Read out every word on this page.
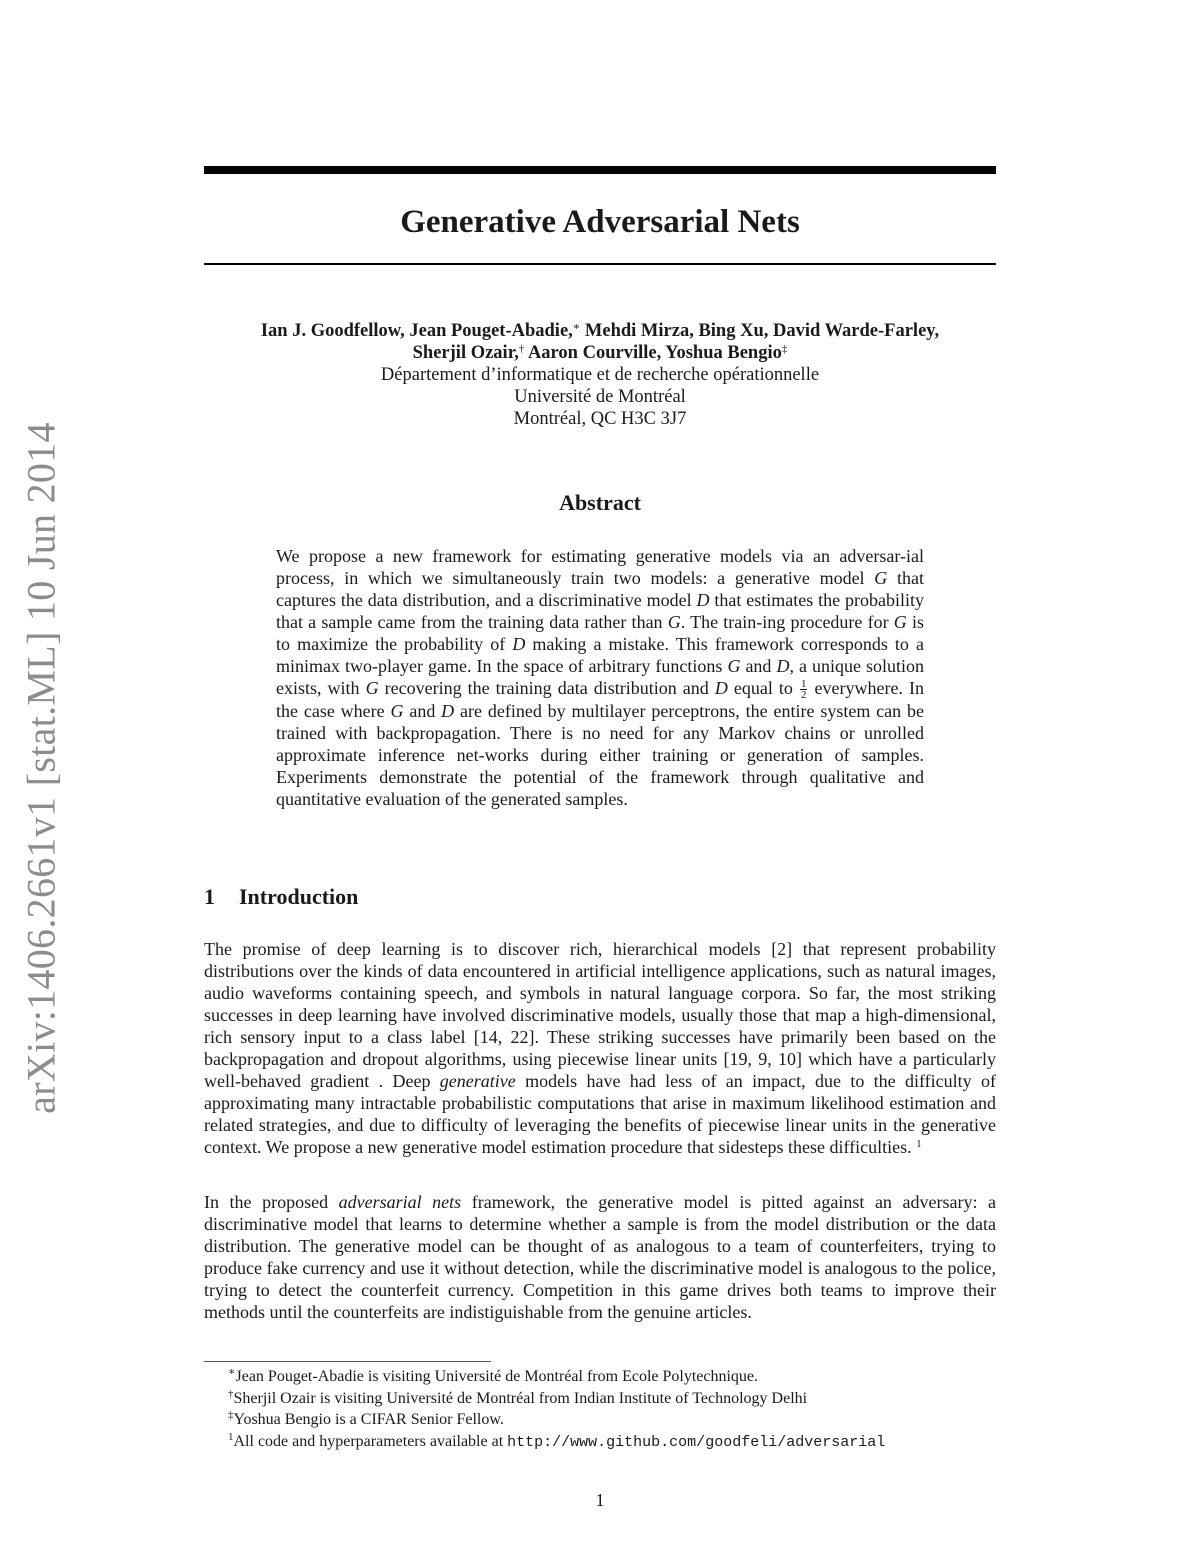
arXiv:1406.2661v1 [stat.ML] 10 Jun 2014
Generative Adversarial Nets
Ian J. Goodfellow, Jean Pouget-Abadie,∗ Mehdi Mirza, Bing Xu, David Warde-Farley,
Sherjil Ozair,† Aaron Courville, Yoshua Bengio‡
Département d’informatique et de recherche opérationnelle
Université de Montréal
Montréal, QC H3C 3J7
Abstract

We propose a new framework for estimating generative models via an adversar-ial process, in which we simultaneously train two models: a generative model G that captures the data distribution, and a discriminative model D that estimates the probability that a sample came from the training data rather than G. The train-ing procedure for G is to maximize the probability of D making a mistake. This framework corresponds to a minimax two-player game. In the space of arbitrary functions G and D, a unique solution exists, with G recovering the training data distribution and D equal to $\frac{1}{2}$ everywhere. In the case where G and D are defined by multilayer perceptrons, the entire system can be trained with backpropagation. There is no need for any Markov chains or unrolled approximate inference net-works during either training or generation of samples. Experiments demonstrate the potential of the framework through qualitative and quantitative evaluation of the generated samples.

1 Introduction

The promise of deep learning is to discover rich, hierarchical models [2] that represent probability distributions over the kinds of data encountered in artificial intelligence applications, such as natural images, audio waveforms containing speech, and symbols in natural language corpora. So far, the most striking successes in deep learning have involved discriminative models, usually those that map a high-dimensional, rich sensory input to a class label [14, 22]. These striking successes have primarily been based on the backpropagation and dropout algorithms, using piecewise linear units [19, 9, 10] which have a particularly well-behaved gradient . Deep generative models have had less of an impact, due to the difficulty of approximating many intractable probabilistic computations that arise in maximum likelihood estimation and related strategies, and due to difficulty of leveraging the benefits of piecewise linear units in the generative context. We propose a new generative model estimation procedure that sidesteps these difficulties. $^1$

In the proposed adversarial nets framework, the generative model is pitted against an adversary: a discriminative model that learns to determine whether a sample is from the model distribution or the data distribution. The generative model can be thought of as analogous to a team of counterfeiters, trying to produce fake currency and use it without detection, while the discriminative model is analogous to the police, trying to detect the counterfeit currency. Competition in this game drives both teams to improve their methods until the counterfeits are indistiguishable from the genuine articles.

∗Jean Pouget-Abadie is visiting Université de Montréal from Ecole Polytechnique.

†Sherjil Ozair is visiting Université de Montréal from Indian Institute of Technology Delhi

‡Yoshua Bengio is a CIFAR Senior Fellow.

$^1$All code and hyperparameters available at http://www.github.com/goodfeli/adversarial

1
